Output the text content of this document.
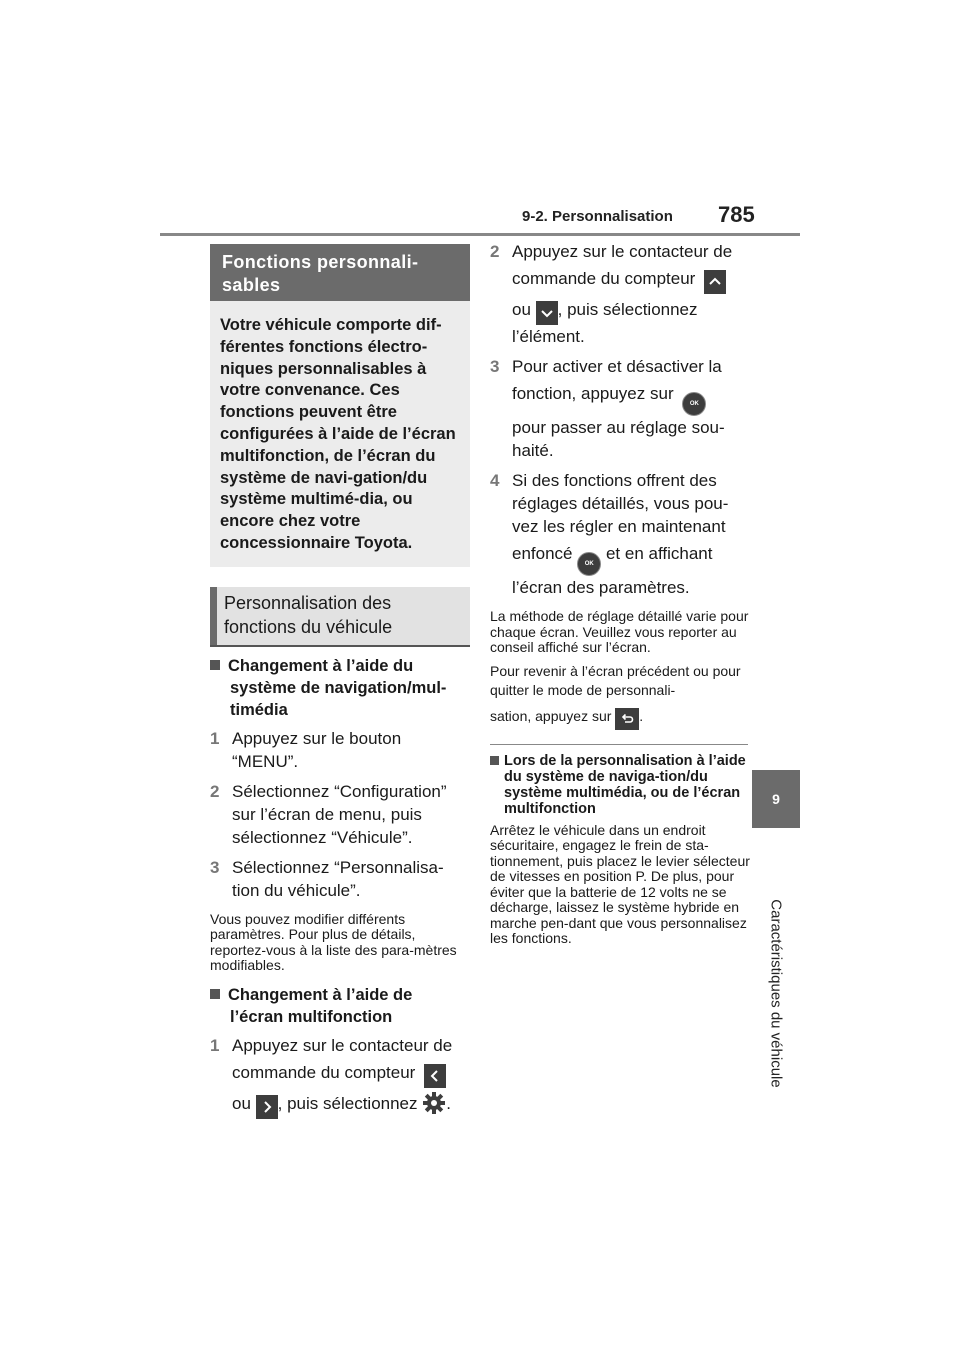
9-2. Personnalisation 785
9
Caractéristiques du véhicule
Fonctions personnali-sables

Votre véhicule comporte dif-férentes fonctions électro-niques personnalisables à votre convenance. Ces fonctions peuvent être configurées à l’aide de l’écran multifonction, de l’écran du système de navi-gation/du système multimé-dia, ou encore chez votre concessionnaire Toyota.

Personnalisation des fonctions du véhicule
Changement à l’aide du système de navigation/mul-timédia
1 Appuyez sur le bouton “MENU”.
2 Sélectionnez “Configuration” sur l’écran de menu, puis sélectionnez “Véhicule”.
3 Sélectionnez “Personnalisa-tion du véhicule”.

Vous pouvez modifier différents paramètres. Pour plus de détails, reportez-vous à la liste des para-mètres modifiables.

Changement à l’aide de l’écran multifonction
1 Appuyez sur le contacteur de
commande du compteur
ou , puis sélectionnez .
2 Appuyez sur le contacteur de
commande du compteur
ou , puis sélectionnez
l’élément.
3 Pour activer et désactiver la
fonction, appuyez sur OK
pour passer au réglage sou-haité.
4 Si des fonctions offrent des réglages détaillés, vous pou-vez les régler en maintenant
enfoncé OK et en affichant
l’écran des paramètres.

La méthode de réglage détaillé varie pour chaque écran. Veuillez vous reporter au conseil affiché sur l’écran.

Pour revenir à l’écran précédent ou pour quitter le mode de personnali-

sation, appuyez sur .

Lors de la personnalisation à l’aide du système de naviga-tion/du système multimédia, ou de l’écran multifonction

Arrêtez le véhicule dans un endroit sécuritaire, engagez le frein de sta-tionnement, puis placez le levier sélecteur de vitesses en position P. De plus, pour éviter que la batterie de 12 volts ne se décharge, laissez le système hybride en marche pen-dant que vous personnalisez les fonctions.
